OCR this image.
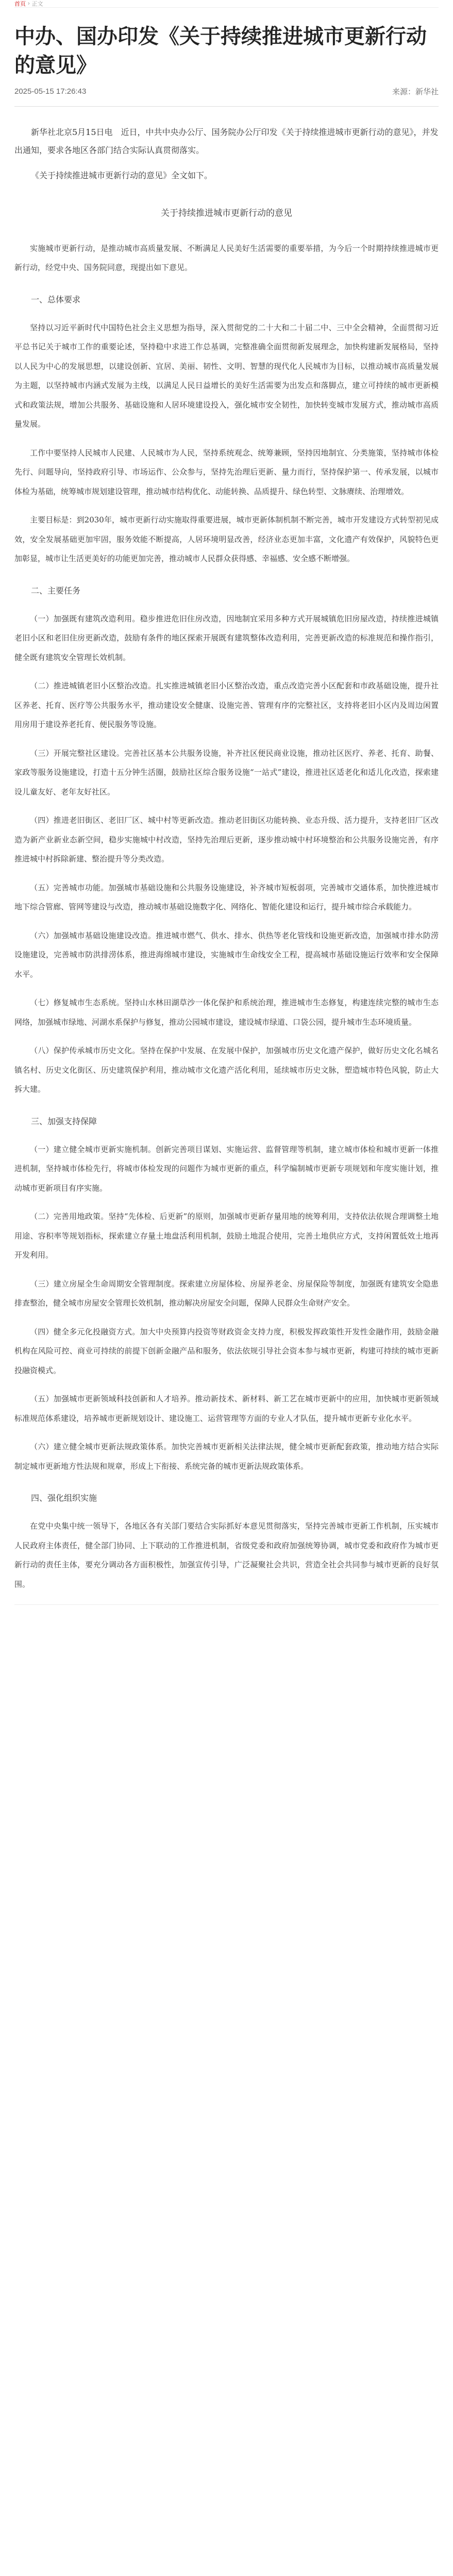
首页 › 正文
中办、国办印发《关于持续推进城市更新行动的意见》
2025-05-15 17:26:43	来源：新华社

新华社北京5月15日电　近日，中共中央办公厅、国务院办公厅印发《关于持续推进城市更新行动的意见》，并发出通知，要求各地区各部门结合实际认真贯彻落实。

《关于持续推进城市更新行动的意见》全文如下。

关于持续推进城市更新行动的意见

实施城市更新行动，是推动城市高质量发展、不断满足人民美好生活需要的重要举措，为今后一个时期持续推进城市更新行动，经党中央、国务院同意，现提出如下意见。

一、总体要求

坚持以习近平新时代中国特色社会主义思想为指导，深入贯彻党的二十大和二十届二中、三中全会精神，全面贯彻习近平总书记关于城市工作的重要论述，坚持稳中求进工作总基调，完整准确全面贯彻新发展理念，加快构建新发展格局，坚持以人民为中心的发展思想，以建设创新、宜居、美丽、韧性、文明、智慧的现代化人民城市为目标，以推动城市高质量发展为主题，以坚持城市内涵式发展为主线，以满足人民日益增长的美好生活需要为出发点和落脚点，建立可持续的城市更新模式和政策法规，增加公共服务、基础设施和人居环境建设投入，强化城市安全韧性，加快转变城市发展方式，推动城市高质量发展。

工作中要坚持人民城市人民建、人民城市为人民，坚持系统观念、统筹兼顾，坚持因地制宜、分类施策，坚持城市体检先行、问题导向，坚持政府引导、市场运作、公众参与，坚持先治理后更新、量力而行，坚持保护第一、传承发展，以城市体检为基础，统筹城市规划建设管理，推动城市结构优化、动能转换、品质提升、绿色转型、文脉赓续、治理增效。

主要目标是：到2030年，城市更新行动实施取得重要进展，城市更新体制机制不断完善，城市开发建设方式转型初见成效，安全发展基础更加牢固，服务效能不断提高，人居环境明显改善，经济业态更加丰富，文化遗产有效保护，风貌特色更加彰显，城市让生活更美好的功能更加完善，推动城市人民群众获得感、幸福感、安全感不断增强。

二、主要任务

（一）加强既有建筑改造利用。稳步推进危旧住房改造，因地制宜采用多种方式开展城镇危旧房屋改造，持续推进城镇老旧小区和老旧住房更新改造，鼓励有条件的地区探索开展既有建筑整体改造利用，完善更新改造的标准规范和操作指引，健全既有建筑安全管理长效机制。

（二）推进城镇老旧小区整治改造。扎实推进城镇老旧小区整治改造，重点改造完善小区配套和市政基础设施，提升社区养老、托育、医疗等公共服务水平，推动建设安全健康、设施完善、管理有序的完整社区，支持将老旧小区内及周边闲置用房用于建设养老托育、便民服务等设施。

（三）开展完整社区建设。完善社区基本公共服务设施，补齐社区便民商业设施，推动社区医疗、养老、托育、助餐、家政等服务设施建设，打造十五分钟生活圈，鼓励社区综合服务设施“一站式”建设，推进社区适老化和适儿化改造，探索建设儿童友好、老年友好社区。

（四）推进老旧街区、老旧厂区、城中村等更新改造。推动老旧街区功能转换、业态升级、活力提升，支持老旧厂区改造为新产业新业态新空间，稳步实施城中村改造，坚持先治理后更新，逐步推动城中村环境整治和公共服务设施完善，有序推进城中村拆除新建、整治提升等分类改造。

（五）完善城市功能。加强城市基础设施和公共服务设施建设，补齐城市短板弱项，完善城市交通体系，加快推进城市地下综合管廊、管网等建设与改造，推动城市基础设施数字化、网络化、智能化建设和运行，提升城市综合承载能力。

（六）加强城市基础设施建设改造。推进城市燃气、供水、排水、供热等老化管线和设施更新改造，加强城市排水防涝设施建设，完善城市防洪排涝体系，推进海绵城市建设，实施城市生命线安全工程，提高城市基础设施运行效率和安全保障水平。

（七）修复城市生态系统。坚持山水林田湖草沙一体化保护和系统治理，推进城市生态修复，构建连续完整的城市生态网络，加强城市绿地、河湖水系保护与修复，推动公园城市建设，建设城市绿道、口袋公园，提升城市生态环境质量。

（八）保护传承城市历史文化。坚持在保护中发展、在发展中保护，加强城市历史文化遗产保护，做好历史文化名城名镇名村、历史文化街区、历史建筑保护利用，推动城市文化遗产活化利用，延续城市历史文脉，塑造城市特色风貌，防止大拆大建。

三、加强支持保障

（一）建立健全城市更新实施机制。创新完善项目谋划、实施运营、监督管理等机制，建立城市体检和城市更新一体推进机制，坚持城市体检先行，将城市体检发现的问题作为城市更新的重点，科学编制城市更新专项规划和年度实施计划，推动城市更新项目有序实施。

（二）完善用地政策。坚持“先体检、后更新”的原则，加强城市更新存量用地的统筹利用，支持依法依规合理调整土地用途、容积率等规划指标，探索建立存量土地盘活利用机制，鼓励土地混合使用，完善土地供应方式，支持闲置低效土地再开发利用。

（三）建立房屋全生命周期安全管理制度。探索建立房屋体检、房屋养老金、房屋保险等制度，加强既有建筑安全隐患排查整治，健全城市房屋安全管理长效机制，推动解决房屋安全问题，保障人民群众生命财产安全。

（四）健全多元化投融资方式。加大中央预算内投资等财政资金支持力度，积极发挥政策性开发性金融作用，鼓励金融机构在风险可控、商业可持续的前提下创新金融产品和服务，依法依规引导社会资本参与城市更新，构建可持续的城市更新投融资模式。

（五）加强城市更新领域科技创新和人才培养。推动新技术、新材料、新工艺在城市更新中的应用，加快城市更新领域标准规范体系建设，培养城市更新规划设计、建设施工、运营管理等方面的专业人才队伍，提升城市更新专业化水平。

（六）建立健全城市更新法规政策体系。加快完善城市更新相关法律法规，健全城市更新配套政策，推动地方结合实际制定城市更新地方性法规和规章，形成上下衔接、系统完备的城市更新法规政策体系。

四、强化组织实施

在党中央集中统一领导下，各地区各有关部门要结合实际抓好本意见贯彻落实，坚持完善城市更新工作机制，压实城市人民政府主体责任，健全部门协同、上下联动的工作推进机制，省级党委和政府加强统筹协调，城市党委和政府作为城市更新行动的责任主体，要充分调动各方面积极性，加强宣传引导，广泛凝聚社会共识，营造全社会共同参与城市更新的良好氛围。
